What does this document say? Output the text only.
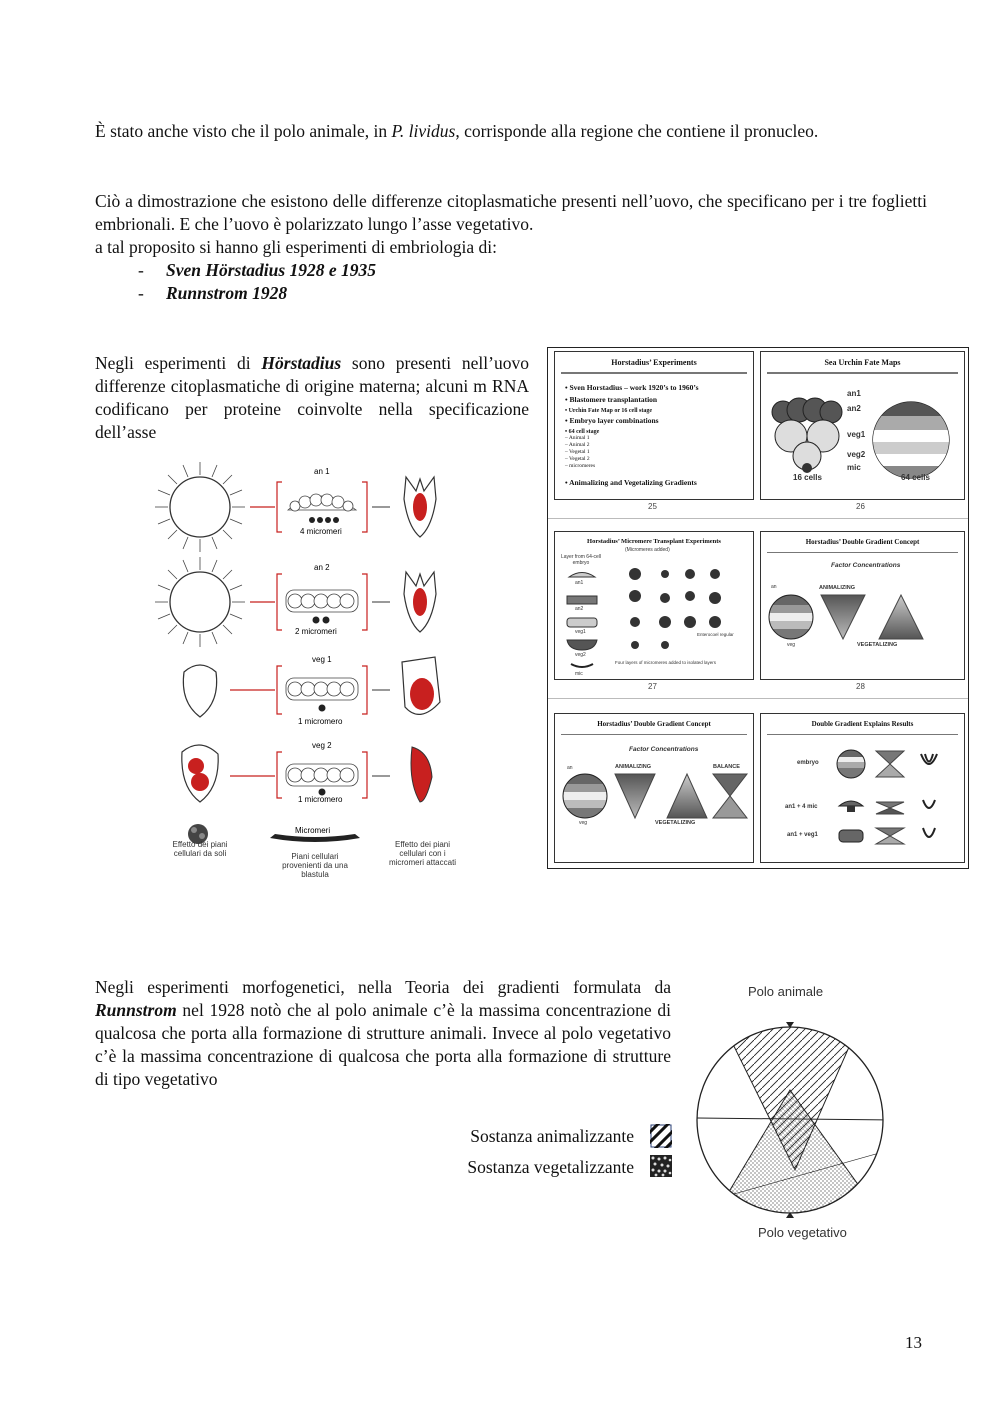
È stato anche visto che il polo animale, in P. lividus, corrisponde alla regione che contiene il pronucleo.
Ciò a dimostrazione che esistono delle differenze citoplasmatiche presenti nell’uovo, che specificano per i tre foglietti embrionali. E che l’uovo è polarizzato lungo l’asse vegetativo.
a tal proposito si hanno gli esperimenti di embriologia di:
- Sven Hörstadius 1928 e 1935
- Runnstrom 1928
Negli esperimenti di Hörstadius sono presenti nell’uovo differenze citoplasmatiche di origine materna; alcuni m RNA codificano per proteine coinvolte nella specificazione dell’asse
an 1
4 micromeri
an 2
2 micromeri
veg 1
1 micromero
veg 2
1 micromero
Micromeri
Effetto dei piani cellulari da soli	Piani cellulari provenienti da una blastula
Effetto dei piani cellulari con i micromeri attaccati
Horstadius’ Experiments
• Sven Horstadius – work 1920’s to 1960’s
• Blastomere transplantation
• Urchin Fate Map or 16 cell stage
• Embryo layer combinations
• 64 cell stage
– Animal 1
– Animal 2
– Vegetal 1
– Vegetal 2
– micromeres
• Animalizing and Vegetalizing Gradients
25
Sea Urchin Fate Maps
an1
an2
veg1
veg2
mic
16 cells	64 cells
26
Horstadius’ Micromere Transplant Experiments
(Micromeres added)
Layer from 64-cell embryo
an1
an2
veg1
veg2
mic
Enterocoel regular
Four layers of micromeres added to isolated layers
27
Horstadius’ Double Gradient Concept
Factor Concentrations
an
veg
ANIMALIZING
VEGETALIZING
28
Horstadius’ Double Gradient Concept
Factor Concentrations
an
veg
ANIMALIZING	BALANCE
VEGETALIZING
Double Gradient Explains Results
embryo
an1 + 4 mic
an1 + veg1
Negli esperimenti morfogenetici, nella Teoria dei gradienti formulata da Runnstrom nel 1928 notò che al polo animale c’è la massima concentrazione di qualcosa che porta alla formazione di strutture animali. Invece al polo vegetativo c’è la massima concentrazione di qualcosa che porta alla formazione di strutture di tipo vegetativo
Sostanza animalizzante
Sostanza vegetalizzante
Polo animale
Polo vegetativo
13
